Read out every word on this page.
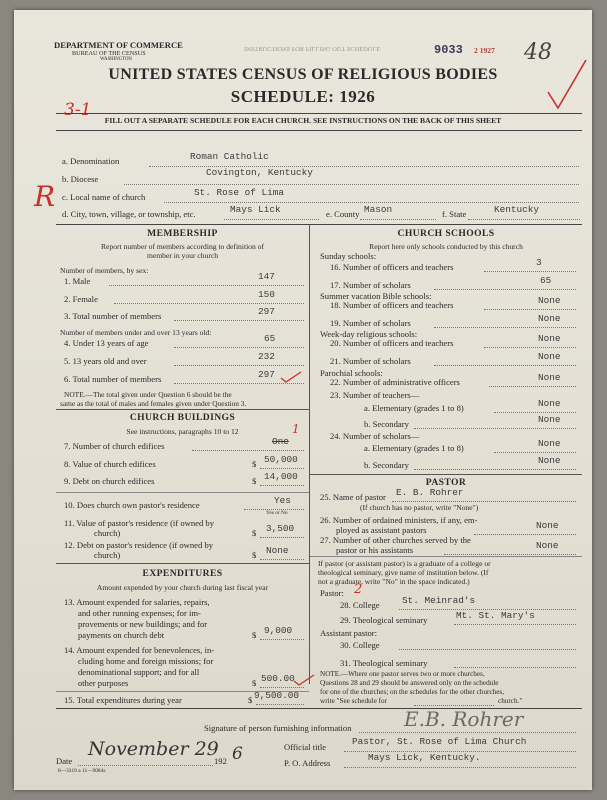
DEPARTMENT OF COMMERCE
BUREAU OF THE CENSUS
WASHINGTON
INSTRUCTIONS FOR FILLING OUT SCHEDULE	9033 2 1927 48
UNITED STATES CENSUS OF RELIGIOUS BODIES
SCHEDULE: 1926
3-1
FILL OUT A SEPARATE SCHEDULE FOR EACH CHURCH. SEE INSTRUCTIONS ON THE BACK OF THIS SHEET
a. Denomination	Roman Catholic
b. Diocese
Covington, Kentucky
R c. Local name of church	St. Rose of Lima
d. City, town, village, or township, etc.	Mays Lick	e. County Mason	f. State	Kentucky
MEMBERSHIP
Report number of members according to definition of
member in your church
Number of members, by sex:
1. Male	147
2. Female	150
3. Total number of members	297
Number of members under and over 13 years old:
4. Under 13 years of age	65
5. 13 years old and over	232
6. Total number of members	297
NOTE.—The total given under Question 6 should be the
same as the total of males and females given under Question 3.
CHURCH BUILDINGS
See instructions, paragraphs 10 to 12	1
7. Number of church edifices	One
8. Value of church edifices	$ 50,000
9. Debt on church edifices	$ 14,000
10. Does church own pastor's residence	Yes
Yes or No
11. Value of pastor's residence (if owned by
church)	$ 3,500
12. Debt on pastor's residence (if owned by
church)	$ None
EXPENDITURES
Amount expended by your church during last fiscal year
13. Amount expended for salaries, repairs,
and other running expenses; for im-
provements or new buildings; and for
payments on church debt	$ 9,000
14. Amount expended for benevolences, in-
cluding home and foreign missions; for
denominational support; and for all
other purposes	$ 500.00
15. Total expenditures during year	$ 9,500.00
CHURCH SCHOOLS
Report here only schools conducted by this church
Sunday schools:
16. Number of officers and teachers	3
17. Number of scholars	65
Summer vacation Bible schools:
18. Number of officers and teachers	None
19. Number of scholars	None
Week-day religious schools:
20. Number of officers and teachers	None
21. Number of scholars	None
Parochial schools:
22. Number of administrative officers	None
23. Number of teachers—
a. Elementary (grades 1 to 8)	None
b. Secondary	None
24. Number of scholars—
a. Elementary (grades 1 to 8)	None
b. Secondary	None
PASTOR
25. Name of pastor E. B. Rohrer
(If church has no pastor, write "None")
26. Number of ordained ministers, if any, em-
ployed as assistant pastors	None
27. Number of other churches served by the
pastor or his assistants	None
If pastor (or assistant pastor) is a graduate of a college or
theological seminary, give name of institution below. (If
not a graduate, write "No" in the space indicated.)
Pastor: 2
28. College St. Meinrad's
29. Theological seminary	Mt. St. Mary's
Assistant pastor:
30. College
31. Theological seminary
NOTE.—Where one pastor serves two or more churches,
Questions 28 and 29 should be answered only on the schedule
for one of the churches; on the schedules for the other churches,
write "See schedule for	church."
Signature of person furnishing information	E.B. Rohrer
Official title	Pastor, St. Rose of Lima Church
Date
November 29
192 6	P. O. Address	Mays Lick, Kentucky.
8—3319 a 11—9084s
